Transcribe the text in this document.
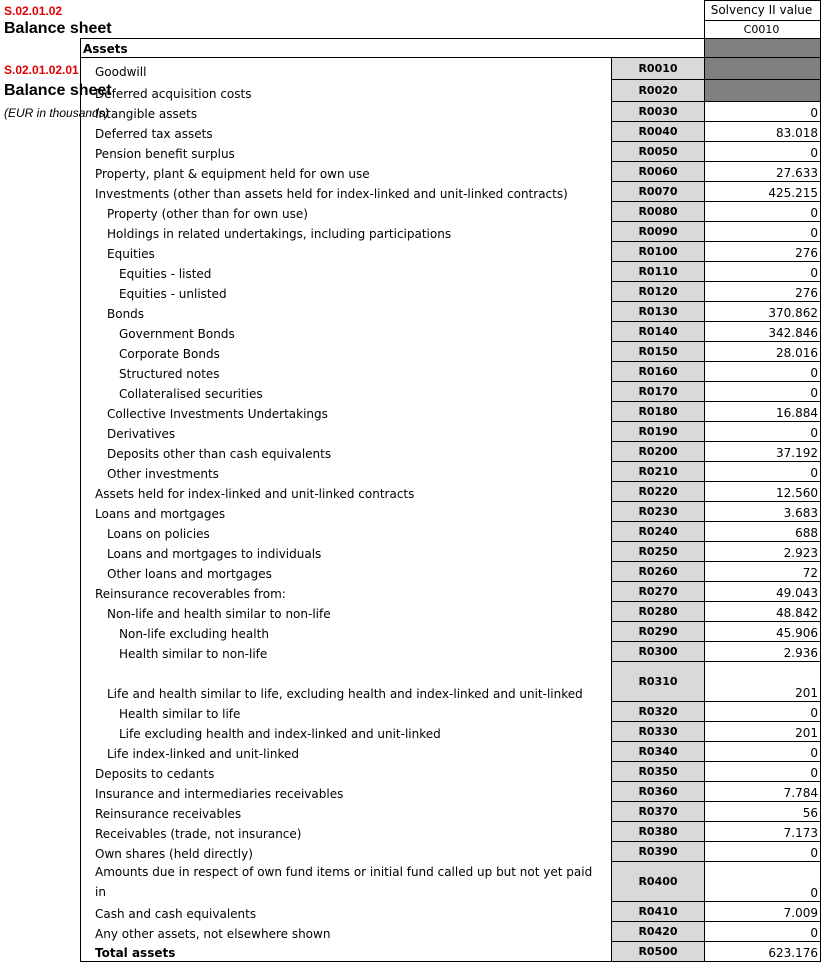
S.02.01.02
Balance sheet
S.02.01.02.01
Balance sheet
(EUR in thousands)
Solvency II value
C0010
Assets		
Goodwill	R0010	
Deferred acquisition costs	R0020	
Intangible assets	R0030	0
Deferred tax assets	R0040	83.018
Pension benefit surplus	R0050	0
Property, plant & equipment held for own use	R0060	27.633
Investments (other than assets held for index-linked and unit-linked contracts)	R0070	425.215
Property (other than for own use)	R0080	0
Holdings in related undertakings, including participations	R0090	0
Equities	R0100	276
Equities - listed	R0110	0
Equities - unlisted	R0120	276
Bonds	R0130	370.862
Government Bonds	R0140	342.846
Corporate Bonds	R0150	28.016
Structured notes	R0160	0
Collateralised securities	R0170	0
Collective Investments Undertakings	R0180	16.884
Derivatives	R0190	0
Deposits other than cash equivalents	R0200	37.192
Other investments	R0210	0
Assets held for index-linked and unit-linked contracts	R0220	12.560
Loans and mortgages	R0230	3.683
Loans on policies	R0240	688
Loans and mortgages to individuals	R0250	2.923
Other loans and mortgages	R0260	72
Reinsurance recoverables from:	R0270	49.043
Non-life and health similar to non-life	R0280	48.842
Non-life excluding health	R0290	45.906
Health similar to non-life	R0300	2.936
Life and health similar to life, excluding health and index-linked and unit-linked	R0310	201
Health similar to life	R0320	0
Life excluding health and index-linked and unit-linked	R0330	201
Life index-linked and unit-linked	R0340	0
Deposits to cedants	R0350	0
Insurance and intermediaries receivables	R0360	7.784
Reinsurance receivables	R0370	56
Receivables (trade, not insurance)	R0380	7.173
Own shares (held directly)	R0390	0
Amounts due in respect of own fund items or initial fund called up but not yet paid in	R0400	0
Cash and cash equivalents	R0410	7.009
Any other assets, not elsewhere shown	R0420	0
Total assets	R0500	623.176
